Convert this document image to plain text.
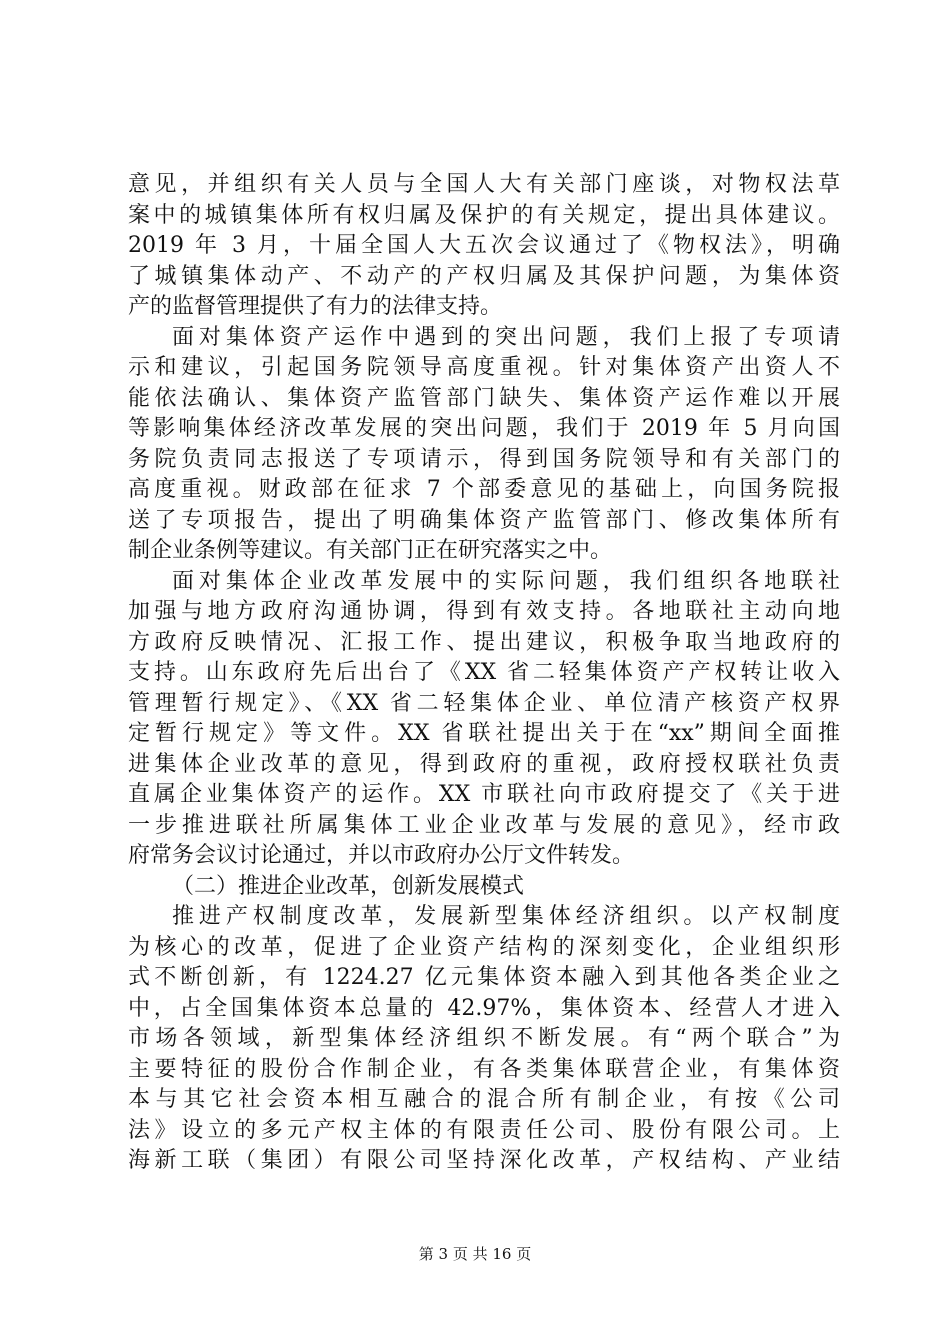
意见，并组织有关人员与全国人大有关部门座谈，对物权法草
案中的城镇集体所有权归属及保护的有关规定，提出具体建议。
2019 年 3 月，十届全国人大五次会议通过了《物权法》，明确
了城镇集体动产、不动产的产权归属及其保护问题，为集体资
产的监督管理提供了有力的法律支持。
面对集体资产运作中遇到的突出问题，我们上报了专项请
示和建议，引起国务院领导高度重视。针对集体资产出资人不
能依法确认、集体资产监管部门缺失、集体资产运作难以开展
等影响集体经济改革发展的突出问题，我们于 2019 年 5 月向国
务院负责同志报送了专项请示，得到国务院领导和有关部门的
高度重视。财政部在征求 7 个部委意见的基础上，向国务院报
送了专项报告，提出了明确集体资产监管部门、修改集体所有
制企业条例等建议。有关部门正在研究落实之中。
面对集体企业改革发展中的实际问题，我们组织各地联社
加强与地方政府沟通协调，得到有效支持。各地联社主动向地
方政府反映情况、汇报工作、提出建议，积极争取当地政府的
支持。山东政府先后出台了《XX 省二轻集体资产产权转让收入
管理暂行规定》、《XX 省二轻集体企业、单位清产核资产权界
定暂行规定》等文件。XX 省联社提出关于在“xx”期间全面推
进集体企业改革的意见，得到政府的重视，政府授权联社负责
直属企业集体资产的运作。XX 市联社向市政府提交了《关于进
一步推进联社所属集体工业企业改革与发展的意见》，经市政
府常务会议讨论通过，并以市政府办公厅文件转发。
（二）推进企业改革，创新发展模式
推进产权制度改革，发展新型集体经济组织。以产权制度
为核心的改革，促进了企业资产结构的深刻变化，企业组织形
式不断创新，有 1224.27 亿元集体资本融入到其他各类企业之
中，占全国集体资本总量的 42.97%，集体资本、经营人才进入
市场各领域，新型集体经济组织不断发展。有“两个联合”为
主要特征的股份合作制企业，有各类集体联营企业，有集体资
本与其它社会资本相互融合的混合所有制企业，有按《公司
法》设立的多元产权主体的有限责任公司、股份有限公司。上
海新工联（集团）有限公司坚持深化改革，产权结构、产业结
第 3 页 共 16 页
